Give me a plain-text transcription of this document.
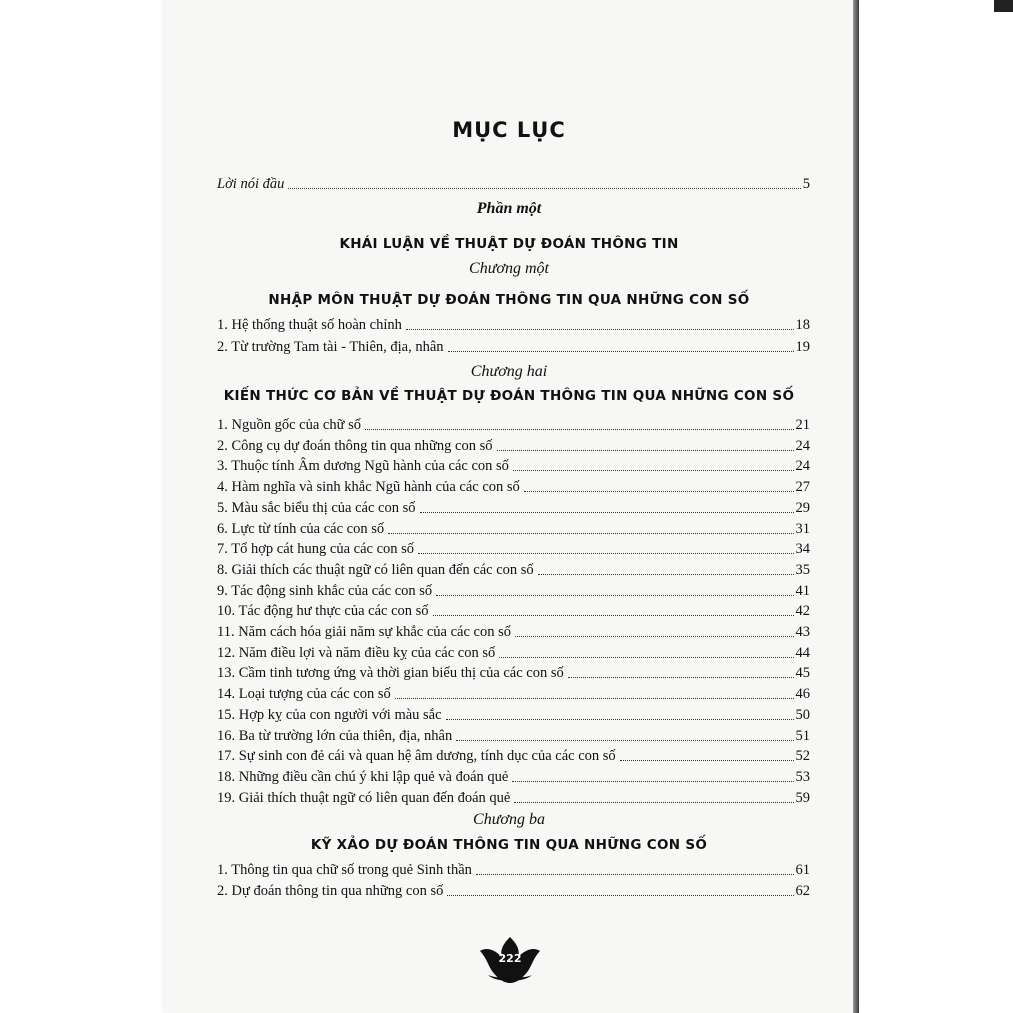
MỤC LỤC
Lời nói đầu	5
Phần một
KHÁI LUẬN VỀ THUẬT DỰ ĐOÁN THÔNG TIN
Chương một
NHẬP MÔN THUẬT DỰ ĐOÁN THÔNG TIN QUA NHỮNG CON SỐ
1. Hệ thống thuật số hoàn chỉnh	18
2. Từ trường Tam tài - Thiên, địa, nhân	19
Chương hai
KIẾN THỨC CƠ BẢN VỀ THUẬT DỰ ĐOÁN THÔNG TIN QUA NHỮNG CON SỐ
1. Nguồn gốc của chữ số	21
2. Công cụ dự đoán thông tin qua những con số	24
3. Thuộc tính Âm dương Ngũ hành của các con số	24
4. Hàm nghĩa và sinh khắc Ngũ hành của các con số	27
5. Màu sắc biểu thị của các con số	29
6. Lực từ tính của các con số	31
7. Tổ hợp cát hung của các con số	34
8. Giải thích các thuật ngữ có liên quan đến các con số	35
9. Tác động sinh khắc của các con số	41
10. Tác động hư thực của các con số	42
11. Năm cách hóa giải năm sự khắc của các con số	43
12. Năm điều lợi và năm điều kỵ của các con số	44
13. Cầm tinh tương ứng và thời gian biểu thị của các con số	45
14. Loại tượng của các con số	46
15. Hợp kỵ của con người với màu sắc	50
16. Ba từ trường lớn của thiên, địa, nhân	51
17. Sự sinh con đẻ cái và quan hệ âm dương, tính dục của các con số	52
18. Những điều cần chú ý khi lập quẻ và đoán quẻ	53
19. Giải thích thuật ngữ có liên quan đến đoán quẻ	59
Chương ba
KỸ XẢO DỰ ĐOÁN THÔNG TIN QUA NHỮNG CON SỐ
1. Thông tin qua chữ số trong quẻ Sinh thần	61
2. Dự đoán thông tin qua những con số	62
222
